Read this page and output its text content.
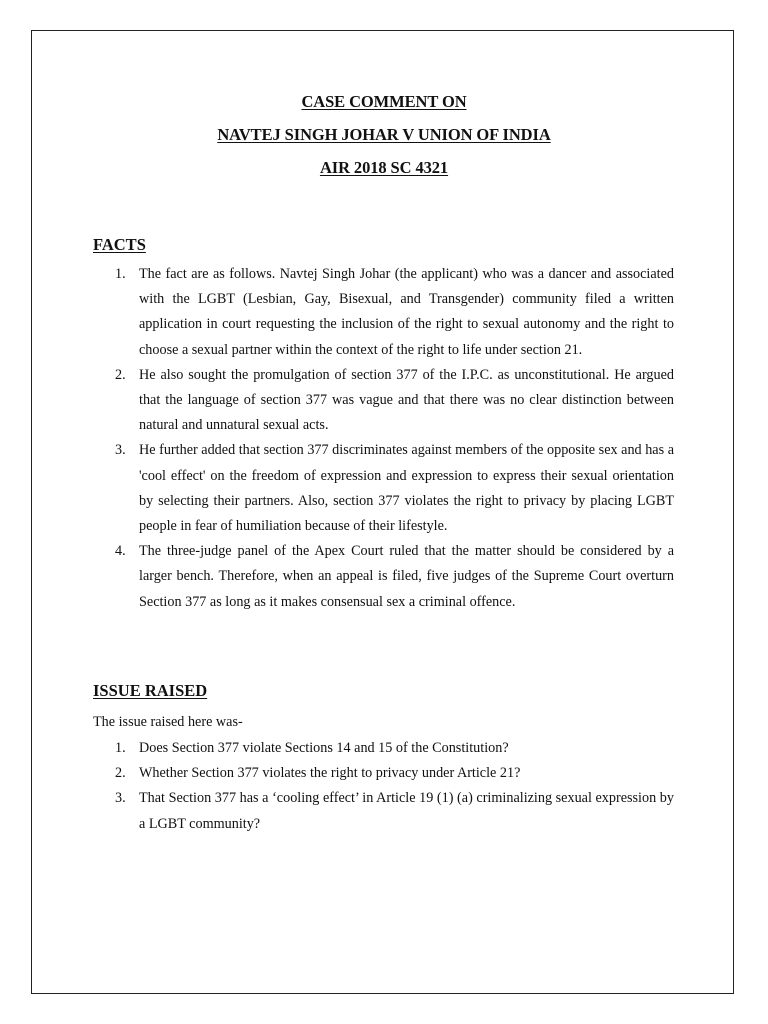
CASE COMMENT ON
NAVTEJ SINGH JOHAR V UNION OF INDIA
AIR 2018 SC 4321
FACTS
1. The fact are as follows. Navtej Singh Johar (the applicant) who was a dancer and associated with the LGBT (Lesbian, Gay, Bisexual, and Transgender) community filed a written application in court requesting the inclusion of the right to sexual autonomy and the right to choose a sexual partner within the context of the right to life under section 21.
2. He also sought the promulgation of section 377 of the I.P.C. as unconstitutional. He argued that the language of section 377 was vague and that there was no clear distinction between natural and unnatural sexual acts.
3. He further added that section 377 discriminates against members of the opposite sex and has a 'cool effect' on the freedom of expression and expression to express their sexual orientation by selecting their partners. Also, section 377 violates the right to privacy by placing LGBT people in fear of humiliation because of their lifestyle.
4. The three-judge panel of the Apex Court ruled that the matter should be considered by a larger bench. Therefore, when an appeal is filed, five judges of the Supreme Court overturn Section 377 as long as it makes consensual sex a criminal offence.
ISSUE RAISED

The issue raised here was-

1. Does Section 377 violate Sections 14 and 15 of the Constitution?
2. Whether Section 377 violates the right to privacy under Article 21?
3. That Section 377 has a ‘cooling effect’ in Article 19 (1) (a) criminalizing sexual expression by a LGBT community?
